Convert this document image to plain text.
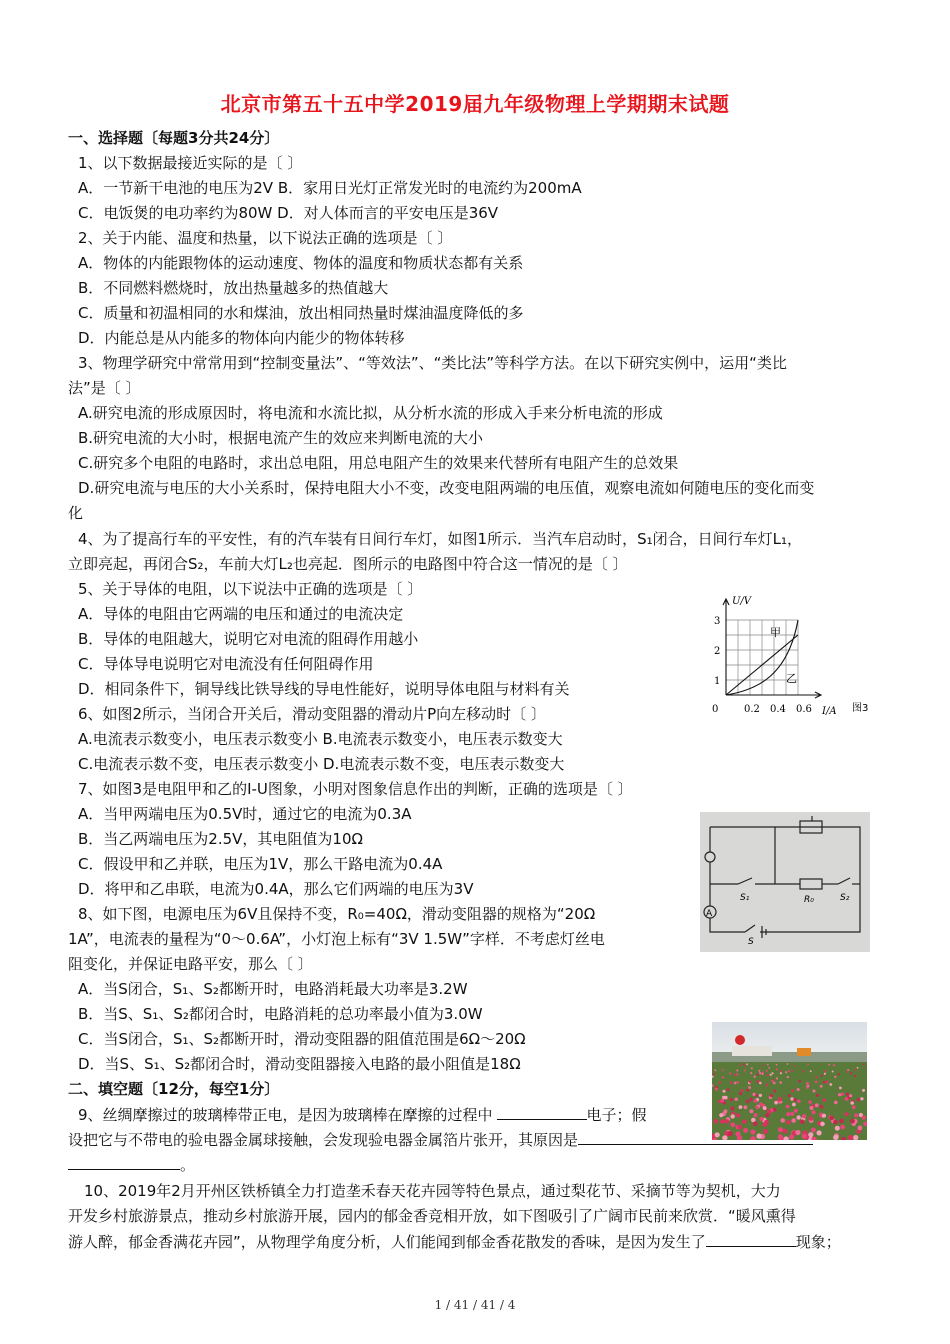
北京市第五十五中学2019届九年级物理上学期期末试题
一、选择题〔每题3分共24分〕
1、以下数据最接近实际的是〔 〕
A．一节新干电池的电压为2V B．家用日光灯正常发光时的电流约为200mA
C．电饭煲的电功率约为80W D．对人体而言的平安电压是36V
2、关于内能、温度和热量，以下说法正确的选项是〔 〕
A．物体的内能跟物体的运动速度、物体的温度和物质状态都有关系
B．不同燃料燃烧时，放出热量越多的热值越大
C．质量和初温相同的水和煤油，放出相同热量时煤油温度降低的多
D．内能总是从内能多的物体向内能少的物体转移
3、物理学研究中常常用到“控制变量法”、“等效法”、“类比法”等科学方法。在以下研究实例中，运用“类比
法”是〔 〕
A.研究电流的形成原因时，将电流和水流比拟，从分析水流的形成入手来分析电流的形成
B.研究电流的大小时，根据电流产生的效应来判断电流的大小
C.研究多个电阻的电路时，求出总电阻，用总电阻产生的效果来代替所有电阻产生的总效果
D.研究电流与电压的大小关系时，保持电阻大小不变，改变电阻两端的电压值，观察电流如何随电压的变化而变
化
4、为了提高行车的平安性，有的汽车装有日间行车灯，如图1所示．当汽车启动时，S₁闭合，日间行车灯L₁，
立即亮起，再闭合S₂，车前大灯L₂也亮起．图所示的电路图中符合这一情况的是〔 〕
5、关于导体的电阻，以下说法中正确的选项是〔 〕
A．导体的电阻由它两端的电压和通过的电流决定
B．导体的电阻越大，说明它对电流的阻碍作用越小
C．导体导电说明它对电流没有任何阻碍作用
D．相同条件下，铜导线比铁导线的导电性能好，说明导体电阻与材料有关
6、如图2所示，当闭合开关后，滑动变阻器的滑动片P向左移动时〔 〕
A.电流表示数变小，电压表示数变小 B.电流表示数变小，电压表示数变大
C.电流表示数不变，电压表示数变小 D.电流表示数不变，电压表示数变大
7、如图3是电阻甲和乙的I-U图象，小明对图象信息作出的判断，正确的选项是〔 〕
A．当甲两端电压为0.5V时，通过它的电流为0.3A
B．当乙两端电压为2.5V，其电阻值为10Ω
C．假设甲和乙并联，电压为1V，那么干路电流为0.4A
D．将甲和乙串联，电流为0.4A，那么它们两端的电压为3V
8、如下图，电源电压为6V且保持不变，R₀=40Ω，滑动变阻器的规格为“20Ω
1A”，电流表的量程为“0～0.6A”，小灯泡上标有“3V 1.5W”字样．不考虑灯丝电
阻变化，并保证电路平安，那么〔 〕
A．当S闭合，S₁、S₂都断开时，电路消耗最大功率是3.2W
B．当S、S₁、S₂都闭合时，电路消耗的总功率最小值为3.0W
C．当S闭合，S₁、S₂都断开时，滑动变阻器的阻值范围是6Ω～20Ω
D．当S、S₁、S₂都闭合时，滑动变阻器接入电路的最小阻值是18Ω
二、填空题〔12分，每空1分〕
9、丝绸摩擦过的玻璃棒带正电，是因为玻璃棒在摩擦的过程中	电子；假
设把它与不带电的验电器金属球接触，会发现验电器金属箔片张开，其原因是
。
10、2019年2月开州区铁桥镇全力打造垄禾春天花卉园等特色景点，通过梨花节、采摘节等为契机，大力
开发乡村旅游景点，推动乡村旅游开展，园内的郁金香竞相开放，如下图吸引了广阔市民前来欣赏．“暖风熏得
游人醉，郁金香满花卉园”，从物理学角度分析，人们能闻到郁金香花散发的香味，是因为发生了	现象；
U/V
I/A
3
2
1
0	0.2 0.4 0.6
甲
乙
图3
A
S₁	R₀	S₂
S
1 / 41 / 41 / 4
